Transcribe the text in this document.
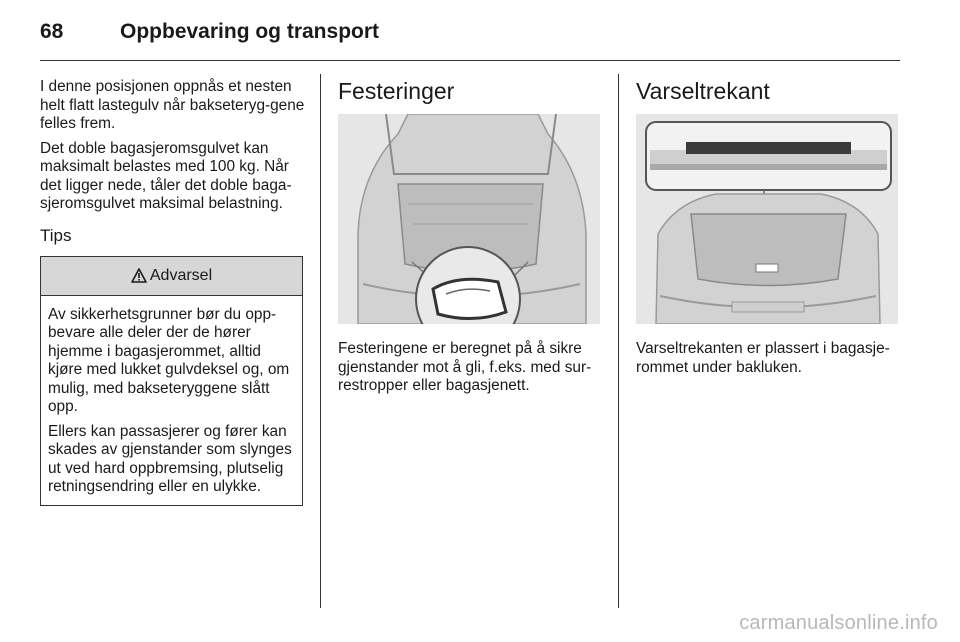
68	Oppbevaring og transport

I denne posisjonen oppnås et nesten helt flatt lastegulv når bakseteryg-gene felles frem.

Det doble bagasjeromsgulvet kan maksimalt belastes med 100 kg. Når det ligger nede, tåler det doble baga-sjeromsgulvet maksimal belastning.

Tips
Advarsel

Av sikkerhetsgrunner bør du opp-bevare alle deler der de hører hjemme i bagasjerommet, alltid kjøre med lukket gulvdeksel og, om mulig, med bakseteryggene slått opp.

Ellers kan passasjerer og fører kan skades av gjenstander som slynges ut ved hard oppbremsing, plutselig retningsendring eller en ulykke.

Festeringer

Festeringene er beregnet på å sikre gjenstander mot å gli, f.eks. med sur-restropper eller bagasjenett.

Varseltrekant

Varseltrekanten er plassert i bagasje-rommet under bakluken.

carmanualsonline.info
